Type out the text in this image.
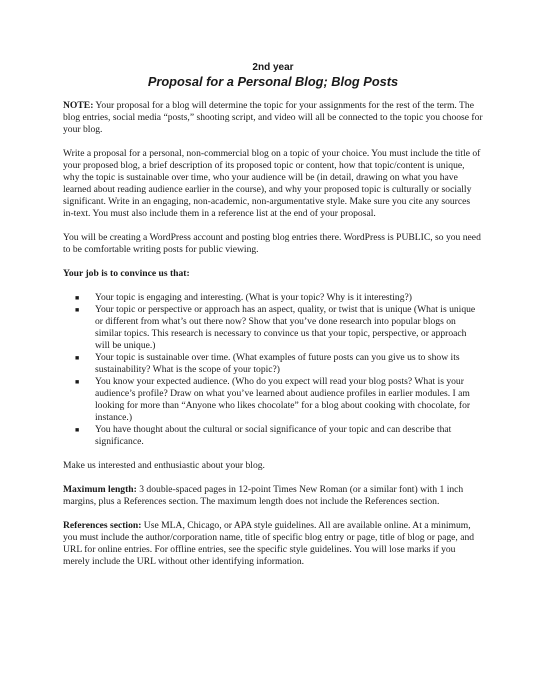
2nd year
Proposal for a Personal Blog; Blog Posts

NOTE: Your proposal for a blog will determine the topic for your assignments for the rest of the term. The blog entries, social media “posts,” shooting script, and video will all be connected to the topic you choose for your blog.

Write a proposal for a personal, non-commercial blog on a topic of your choice. You must include the title of your proposed blog, a brief description of its proposed topic or content, how that topic/content is unique, why the topic is sustainable over time, who your audience will be (in detail, drawing on what you have learned about reading audience earlier in the course), and why your proposed topic is culturally or socially significant. Write in an engaging, non-academic, non-argumentative style. Make sure you cite any sources in-text. You must also include them in a reference list at the end of your proposal.

You will be creating a WordPress account and posting blog entries there. WordPress is PUBLIC, so you need to be comfortable writing posts for public viewing.

Your job is to convince us that:

■ Your topic is engaging and interesting. (What is your topic? Why is it interesting?)
■ Your topic or perspective or approach has an aspect, quality, or twist that is unique (What is unique or different from what’s out there now? Show that you’ve done research into popular blogs on similar topics. This research is necessary to convince us that your topic, perspective, or approach will be unique.)
■ Your topic is sustainable over time. (What examples of future posts can you give us to show its sustainability? What is the scope of your topic?)
■ You know your expected audience. (Who do you expect will read your blog posts? What is your audience’s profile? Draw on what you’ve learned about audience profiles in earlier modules. I am looking for more than “Anyone who likes chocolate” for a blog about cooking with chocolate, for instance.)
■ You have thought about the cultural or social significance of your topic and can describe that significance.

Make us interested and enthusiastic about your blog.

Maximum length: 3 double-spaced pages in 12-point Times New Roman (or a similar font) with 1 inch margins, plus a References section. The maximum length does not include the References section.

References section: Use MLA, Chicago, or APA style guidelines. All are available online. At a minimum, you must include the author/corporation name, title of specific blog entry or page, title of blog or page, and URL for online entries. For offline entries, see the specific style guidelines. You will lose marks if you merely include the URL without other identifying information.
